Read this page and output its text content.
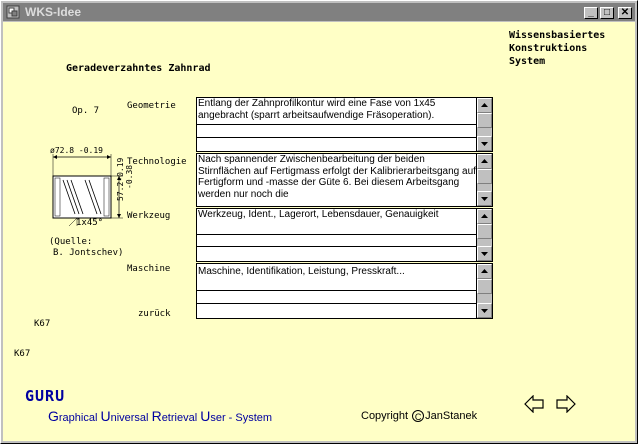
WKS-Idee	_	□	✕
Wissensbasiertes
Konstruktions
System
Geradeverzahntes Zahnrad
Op. 7	Geometrie
Technologie
Werkzeug
Maschine
zurück
Entlang der Zahnprofilkontur wird eine Fase von 1x45 angebracht (sparrt arbeitsaufwendige Fräsoperation).
Nach spannender Zwischenbearbeitung der beiden Stirnflächen auf Fertigmass erfolgt der Kalibrierarbeitsgang auf Fertigform und -masse der Güte 6. Bei diesem Arbeitsgang werden nur noch die
Werkzeug, Ident., Lagerort, Lebensdauer, Genauigkeit
Maschine, Identifikation, Leistung, Presskraft...
ø72.8 -0.19
57.2-0.19 -0.38
1x45°
(Quelle:
B. Jontschev)
K67
K67
GURU
Graphical Universal Retrieval User - System	Copyright C JanStanek
